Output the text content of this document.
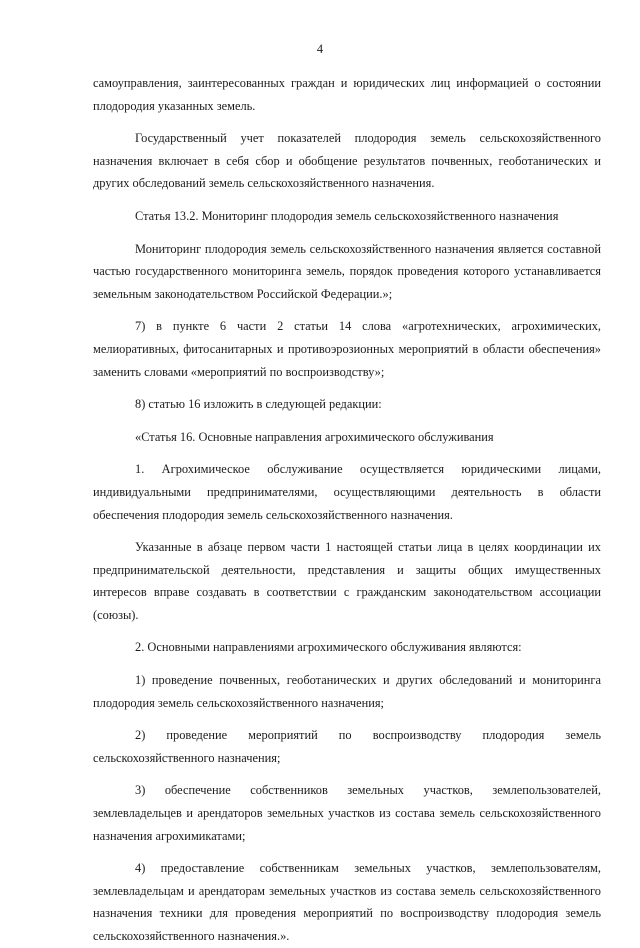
4

самоуправления, заинтересованных граждан и юридических лиц информацией о состоянии плодородия указанных земель.

Государственный учет показателей плодородия земель сельскохозяйственного назначения включает в себя сбор и обобщение результатов почвенных, геоботанических и других обследований земель сельскохозяйственного назначения.

Статья 13.2. Мониторинг плодородия земель сельскохозяйственного назначения

Мониторинг плодородия земель сельскохозяйственного назначения является составной частью государственного мониторинга земель, порядок проведения которого устанавливается земельным законодательством Российской Федерации.»;

7) в пункте 6 части 2 статьи 14 слова «агротехнических, агрохимических, мелиоративных, фитосанитарных и противоэрозионных мероприятий в области обеспечения» заменить словами «мероприятий по воспроизводству»;

8) статью 16 изложить в следующей редакции:

«Статья 16. Основные направления агрохимического обслуживания

1. Агрохимическое обслуживание осуществляется юридическими лицами, индивидуальными предпринимателями, осуществляющими деятельность в области обеспечения плодородия земель сельскохозяйственного назначения.

Указанные в абзаце первом части 1 настоящей статьи лица в целях координации их предпринимательской деятельности, представления и защиты общих имущественных интересов вправе создавать в соответствии с гражданским законодательством ассоциации (союзы).

2. Основными направлениями агрохимического обслуживания являются:

1) проведение почвенных, геоботанических и других обследований и мониторинга плодородия земель сельскохозяйственного назначения;

2) проведение мероприятий по воспроизводству плодородия земель сельскохозяйственного назначения;

3) обеспечение собственников земельных участков, землепользователей, землевладельцев и арендаторов земельных участков из состава земель сельскохозяйственного назначения агрохимикатами;

4) предоставление собственникам земельных участков, землепользователям, землевладельцам и арендаторам земельных участков из состава земель сельскохозяйственного назначения техники для проведения мероприятий по воспроизводству плодородия земель сельскохозяйственного назначения.».
